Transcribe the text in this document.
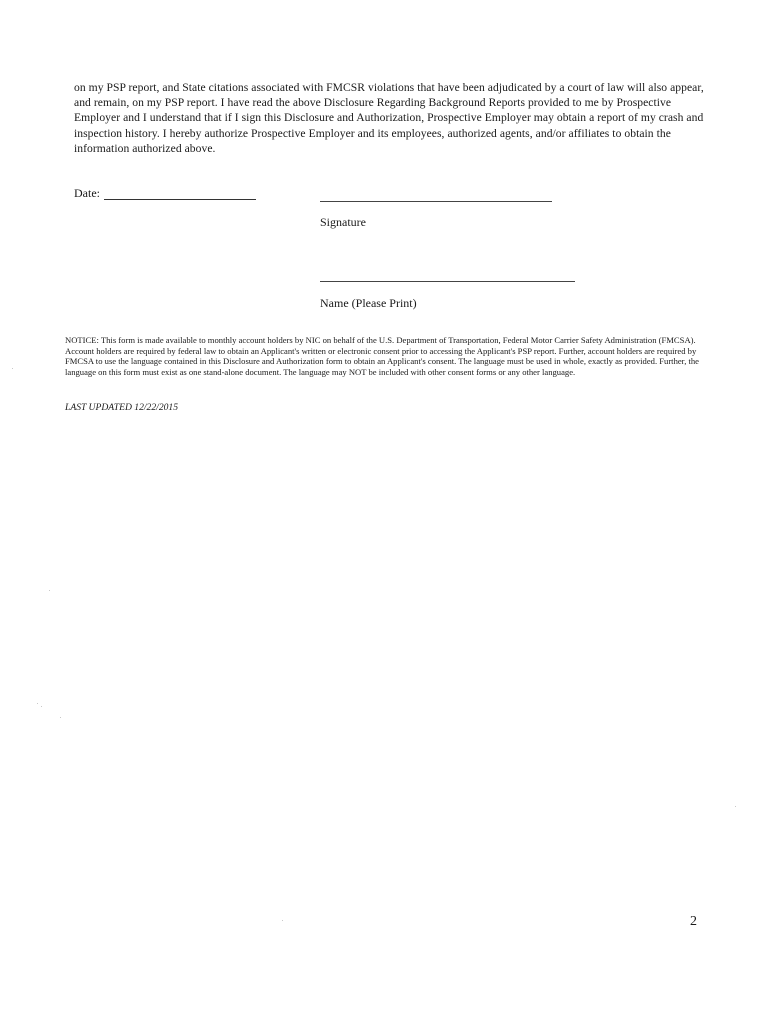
on my PSP report, and State citations associated with FMCSR violations that have been adjudicated by a court of law will also appear, and remain, on my PSP report. I have read the above Disclosure Regarding Background Reports provided to me by Prospective Employer and I understand that if I sign this Disclosure and Authorization, Prospective Employer may obtain a report of my crash and inspection history. I hereby authorize Prospective Employer and its employees, authorized agents, and/or affiliates to obtain the information authorized above.

Date:
Signature
Name (Please Print)

NOTICE: This form is made available to monthly account holders by NIC on behalf of the U.S. Department of Transportation, Federal Motor Carrier Safety Administration (FMCSA). Account holders are required by federal law to obtain an Applicant's written or electronic consent prior to accessing the Applicant's PSP report. Further, account holders are required by FMCSA to use the language contained in this Disclosure and Authorization form to obtain an Applicant's consent. The language must be used in whole, exactly as provided. Further, the language on this form must exist as one stand-alone document. The language may NOT be included with other consent forms or any other language.

LAST UPDATED 12/22/2015
2
